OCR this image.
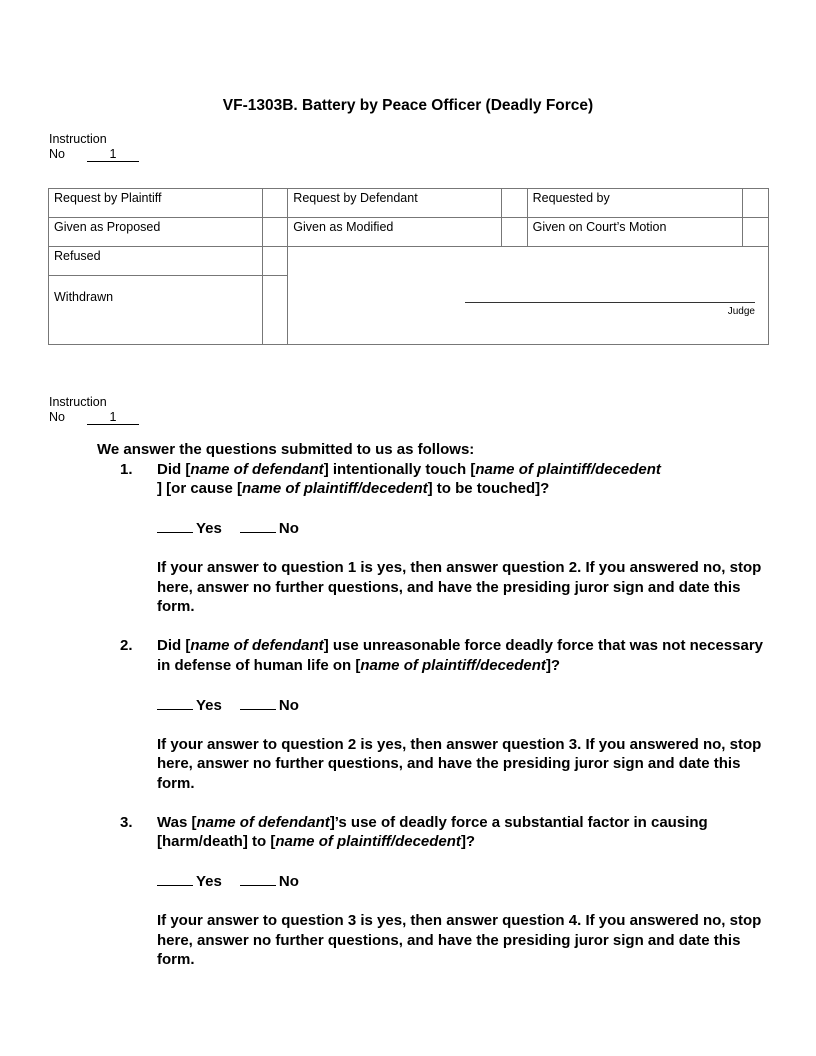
VF-1303B. Battery by Peace Officer (Deadly Force)
Instruction
No	1
Request by Plaintiff		Request by Defendant		Requested by	
Given as Proposed		Given as Modified		Given on Court’s Motion	
Refused		Judge			

Withdrawn					
Instruction
No	1

We answer the questions submitted to us as follows:

1. Did [name of defendant] intentionally touch [name of plaintiff/decedent
] [or cause [name of plaintiff/decedent] to be touched]?

Yes	No

If your answer to question 1 is yes, then answer question 2. If you answered no, stop here, answer no further questions, and have the presiding juror sign and date this form.

2. Did [name of defendant] use unreasonable force deadly force that was not necessary in defense of human life on [name of plaintiff/decedent]?

Yes	No

If your answer to question 2 is yes, then answer question 3. If you answered no, stop here, answer no further questions, and have the presiding juror sign and date this form.

3. Was [name of defendant]’s use of deadly force a substantial factor in causing [harm/death] to [name of plaintiff/decedent]?

Yes	No

If your answer to question 3 is yes, then answer question 4. If you answered no, stop here, answer no further questions, and have the presiding juror sign and date this form.
